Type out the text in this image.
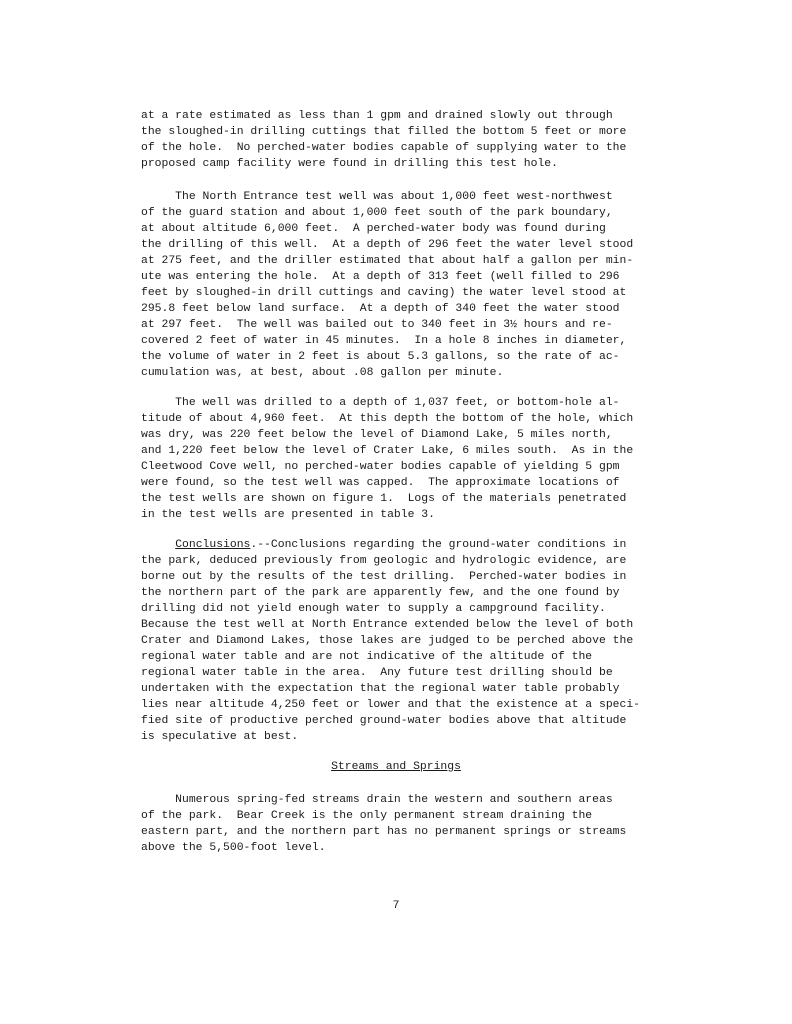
at a rate estimated as less than 1 gpm and drained slowly out through
the sloughed-in drilling cuttings that filled the bottom 5 feet or more
of the hole.  No perched-water bodies capable of supplying water to the
proposed camp facility were found in drilling this test hole.
The North Entrance test well was about 1,000 feet west-northwest
of the guard station and about 1,000 feet south of the park boundary,
at about altitude 6,000 feet.  A perched-water body was found during
the drilling of this well.  At a depth of 296 feet the water level stood
at 275 feet, and the driller estimated that about half a gallon per min-
ute was entering the hole.  At a depth of 313 feet (well filled to 296
feet by sloughed-in drill cuttings and caving) the water level stood at
295.8 feet below land surface.  At a depth of 340 feet the water stood
at 297 feet.  The well was bailed out to 340 feet in 3½ hours and re-
covered 2 feet of water in 45 minutes.  In a hole 8 inches in diameter,
the volume of water in 2 feet is about 5.3 gallons, so the rate of ac-
cumulation was, at best, about .08 gallon per minute.
The well was drilled to a depth of 1,037 feet, or bottom-hole al-
titude of about 4,960 feet.  At this depth the bottom of the hole, which
was dry, was 220 feet below the level of Diamond Lake, 5 miles north,
and 1,220 feet below the level of Crater Lake, 6 miles south.  As in the
Cleetwood Cove well, no perched-water bodies capable of yielding 5 gpm
were found, so the test well was capped.  The approximate locations of
the test wells are shown on figure 1.  Logs of the materials penetrated
in the test wells are presented in table 3.
Conclusions.--Conclusions regarding the ground-water conditions in
the park, deduced previously from geologic and hydrologic evidence, are
borne out by the results of the test drilling.  Perched-water bodies in
the northern part of the park are apparently few, and the one found by
drilling did not yield enough water to supply a campground facility.
Because the test well at North Entrance extended below the level of both
Crater and Diamond Lakes, those lakes are judged to be perched above the
regional water table and are not indicative of the altitude of the
regional water table in the area.  Any future test drilling should be
undertaken with the expectation that the regional water table probably
lies near altitude 4,250 feet or lower and that the existence at a speci-
fied site of productive perched ground-water bodies above that altitude
is speculative at best.
Streams and Springs
Numerous spring-fed streams drain the western and southern areas
of the park.  Bear Creek is the only permanent stream draining the
eastern part, and the northern part has no permanent springs or streams
above the 5,500-foot level.
7
